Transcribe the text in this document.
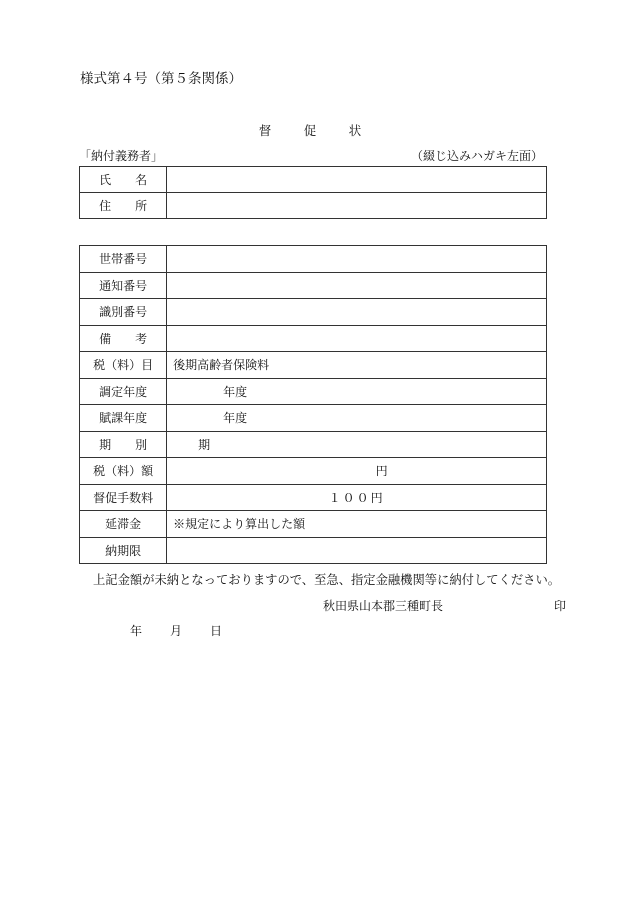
様式第４号（第５条関係）
督　促　状
「納付義務者」	（綴じ込みハガキ左面）
氏　　名	
住　　所	
世帯番号	
通知番号	
識別番号	
備　　考	
税（料）目	後期高齢者保険料
調定年度	年度
賦課年度	年度
期　　別	期
税（料）額	円
督促手数料	１００円
延滞金	※規定により算出した額
納期限	
上記金額が未納となっておりますので、至急、指定金融機関等に納付してください。
秋田県山本郡三種町長	印
年 月 日
